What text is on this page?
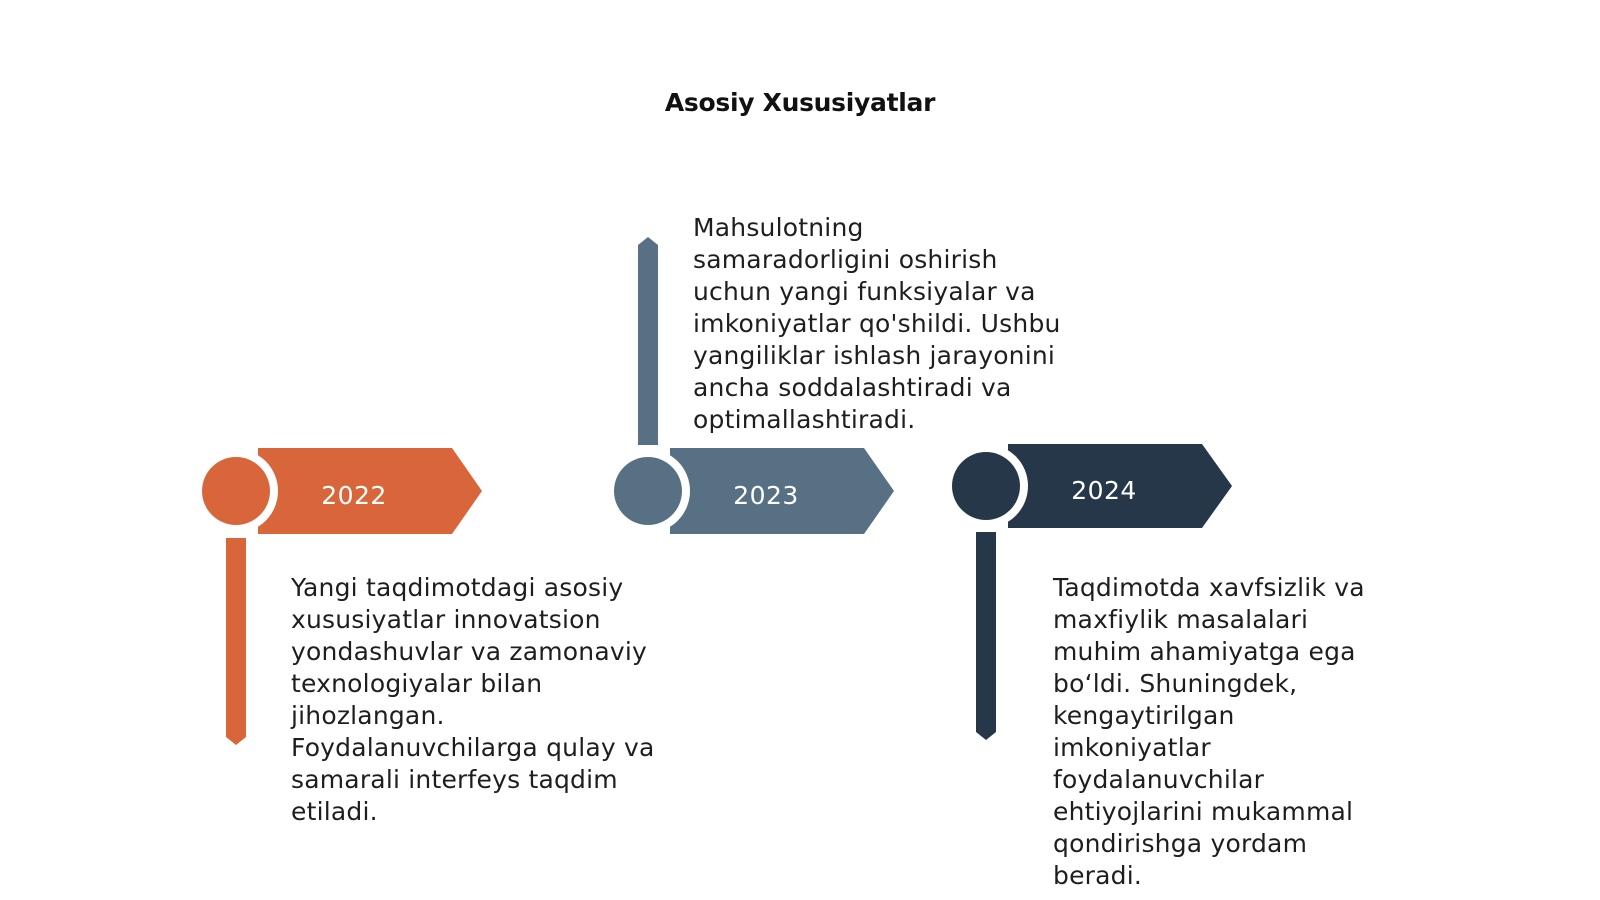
Asosiy Xususiyatlar
2022	2023	2024
Yangi taqdimotdagi asosiy xususiyatlar innovatsion yondashuvlar va zamonaviy texnologiyalar bilan jihozlangan. Foydalanuvchilarga qulay va samarali interfeys taqdim etiladi.
Mahsulotning samaradorligini oshirish uchun yangi funksiyalar va imkoniyatlar qo'shildi. Ushbu yangiliklar ishlash jarayonini ancha soddalashtiradi va optimallashtiradi.
Taqdimotda xavfsizlik va maxfiylik masalalari muhim ahamiyatga ega bo‘ldi. Shuningdek, kengaytirilgan imkoniyatlar foydalanuvchilar ehtiyojlarini mukammal qondirishga yordam beradi.
